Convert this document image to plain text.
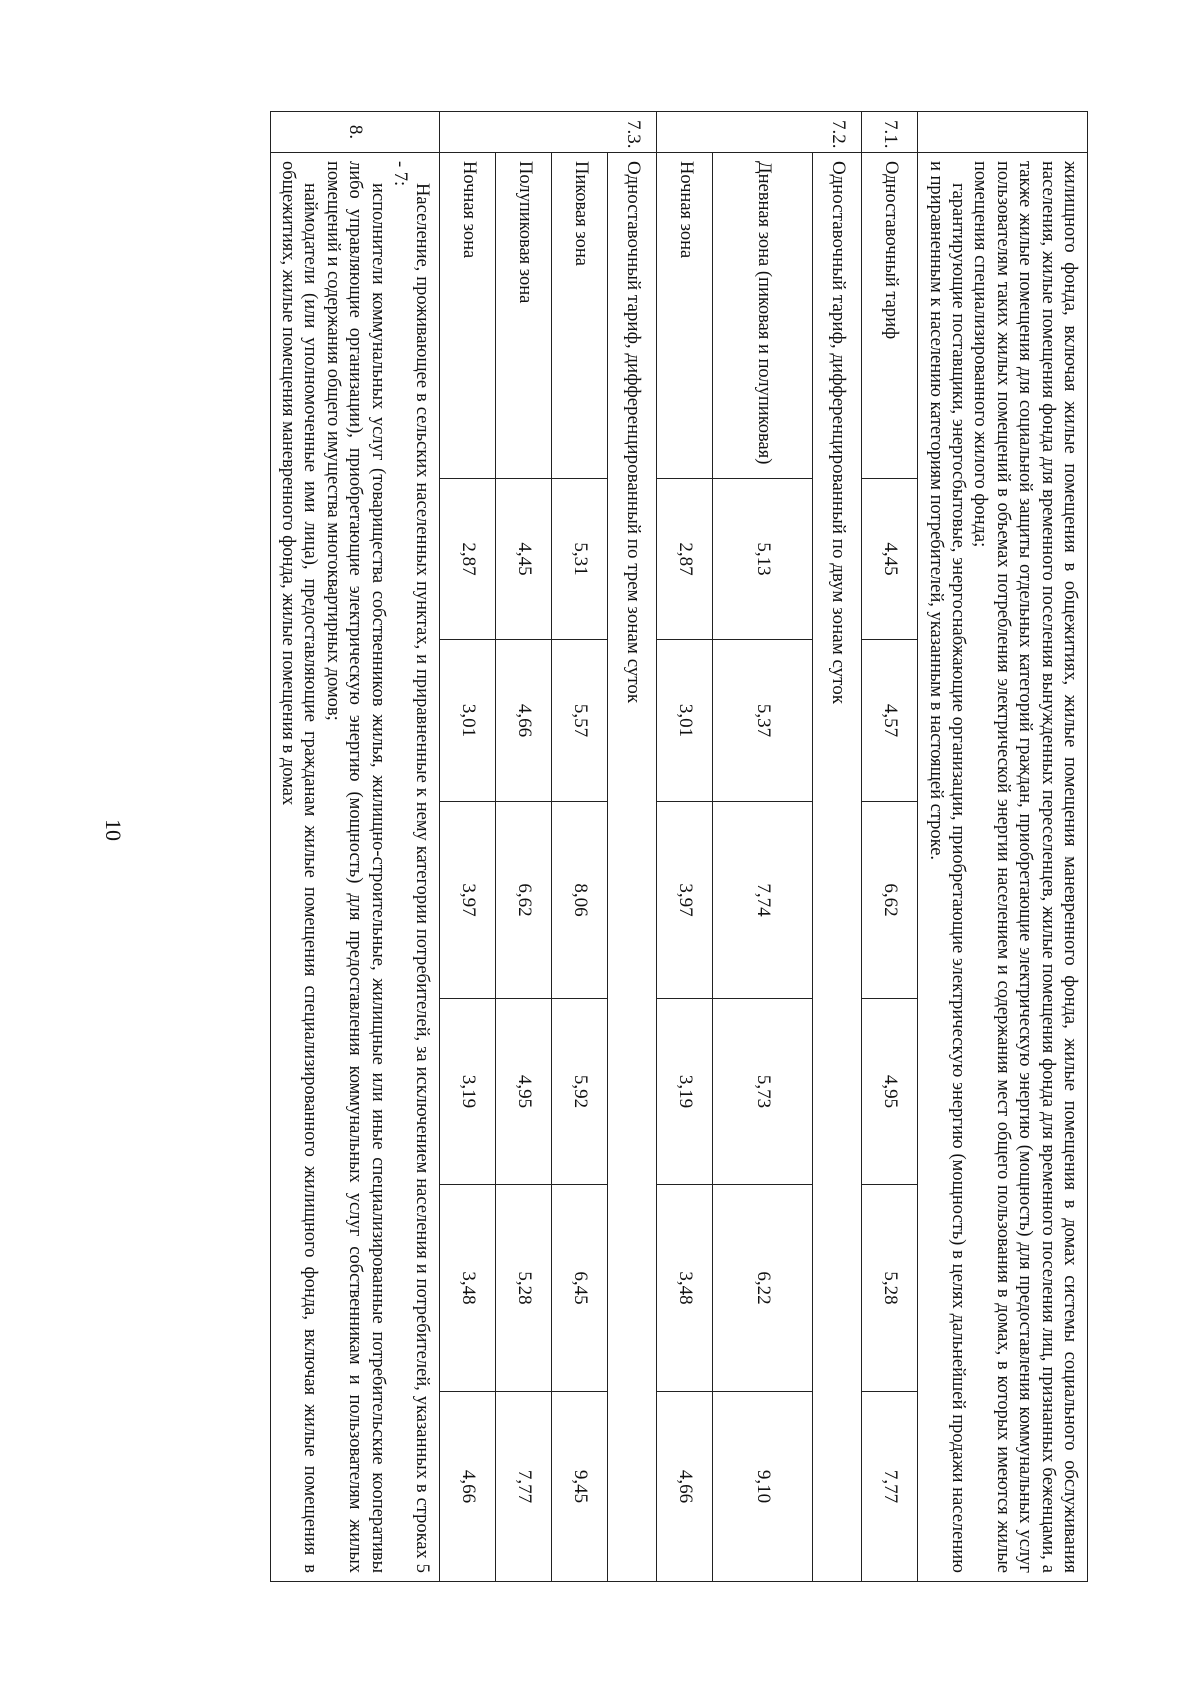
10

	жилищного фонда, включая жилые помещения в общежитиях, жилые помещения маневренного фонда, жилые помещения в домах системы социального обслуживания населения, жилые помещения фонда для временного поселения вынужденных переселенцев, жилые помещения фонда для временного поселения лиц, признанных беженцами, а также жилые помещения для социальной защиты отдельных категорий граждан, приобретающие электрическую энергию (мощность) для предоставления коммунальных услуг пользователям таких жилых помещений в объемах потребления электрической энергии населением и содержания мест общего пользования в домах, в которых имеются жилые помещения специализированного жилого фонда;

гарантирующие поставщики, энергосбытовые, энергоснабжающие организации, приобретающие электрическую энергию (мощность) в целях дальнейшей продажи населению и приравненным к населению категориям потребителей, указанным в настоящей строке.						

7.1.	Одноставочный тариф	4,45	4,57	6,62	4,95	5,28	7,77
7.2.	Одноставочный тариф, дифференцированный по двум зонам суток						
	Дневная зона (пиковая и полупиковая)	5,13	5,37	7,74	5,73	6,22	9,10
	Ночная зона	2,87	3,01	3,97	3,19	3,48	4,66
7.3.	Одноставочный тариф, дифференцированный по трем зонам суток						
	Пиковая зона	5,31	5,57	8,06	5,92	6,45	9,45
	Полупиковая зона	4,45	4,66	6,62	4,95	5,28	7,77
	Ночная зона	2,87	3,01	3,97	3,19	3,48	4,66
8.	Население, проживающее в сельских населенных пунктах, и приравненные к нему категории потребителей, за исключением населения и потребителей, указанных в строках 5 - 7:

исполнители коммунальных услуг (товарищества собственников жилья, жилищно-строительные, жилищные или иные специализированные потребительские кооперативы либо управляющие организации), приобретающие электрическую энергию (мощность) для предоставления коммунальных услуг собственникам и пользователям жилых помещений и содержания общего имущества многоквартирных домов;

наймодатели (или уполномоченные ими лица), предоставляющие гражданам жилые помещения специализированного жилищного фонда, включая жилые помещения в общежитиях, жилые помещения маневренного фонда, жилые помещения в домах						
